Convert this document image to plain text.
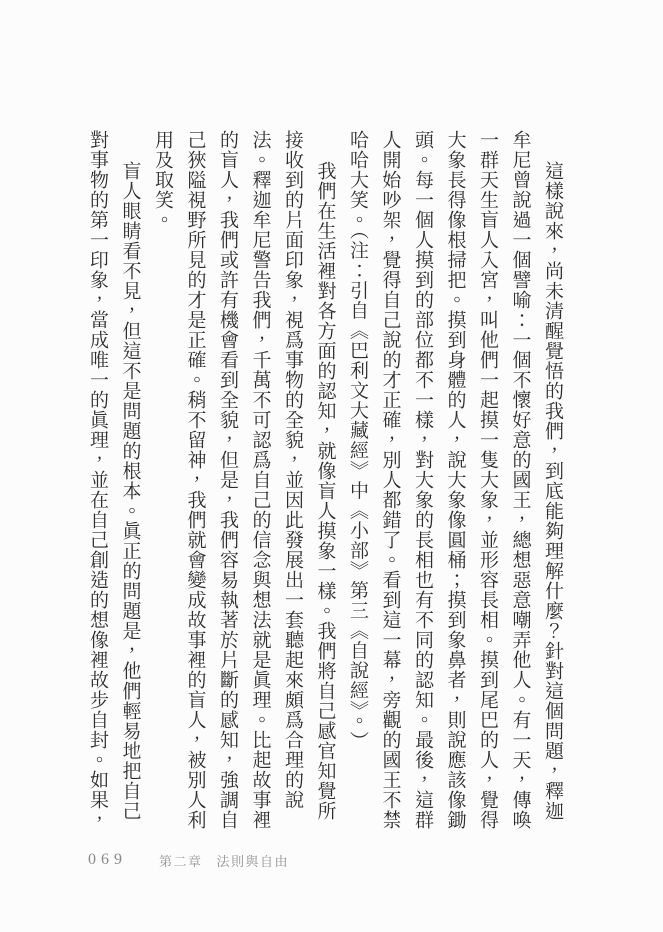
這樣說來，尚未清醒覺悟的我們，到底能夠理解什麼？針對這個問題，釋迦
牟尼曾說過一個譬喻：一個不懷好意的國王，總想惡意嘲弄他人。有一天，傳喚
一群天生盲人入宮，叫他們一起摸一隻大象，並形容長相。摸到尾巴的人，覺得
大象長得像根掃把。摸到身體的人，說大象像圓桶；摸到象鼻者，則說應該像鋤
頭。每一個人摸到的部位都不一樣，對大象的長相也有不同的認知。最後，這群
人開始吵架，覺得自己說的才正確，別人都錯了。看到這一幕，旁觀的國王不禁
哈哈大笑。（注：引自《巴利文大藏經》中《小部》第三《自說經》。）
我們在生活裡對各方面的認知，就像盲人摸象一樣。我們將自己感官知覺所
接收到的片面印象，視爲事物的全貌，並因此發展出一套聽起來頗爲合理的說
法。釋迦牟尼警告我們，千萬不可認爲自己的信念與想法就是眞理。比起故事裡
的盲人，我們或許有機會看到全貌，但是，我們容易執著於片斷的感知，強調自
己狹隘視野所見的才是正確。稍不留神，我們就會變成故事裡的盲人，被別人利
用及取笑。
盲人眼睛看不見，但這不是問題的根本。眞正的問題是，他們輕易地把自己
對事物的第一印象，當成唯一的眞理，並在自己創造的想像裡故步自封。如果，
069 第二章 法則與自由
